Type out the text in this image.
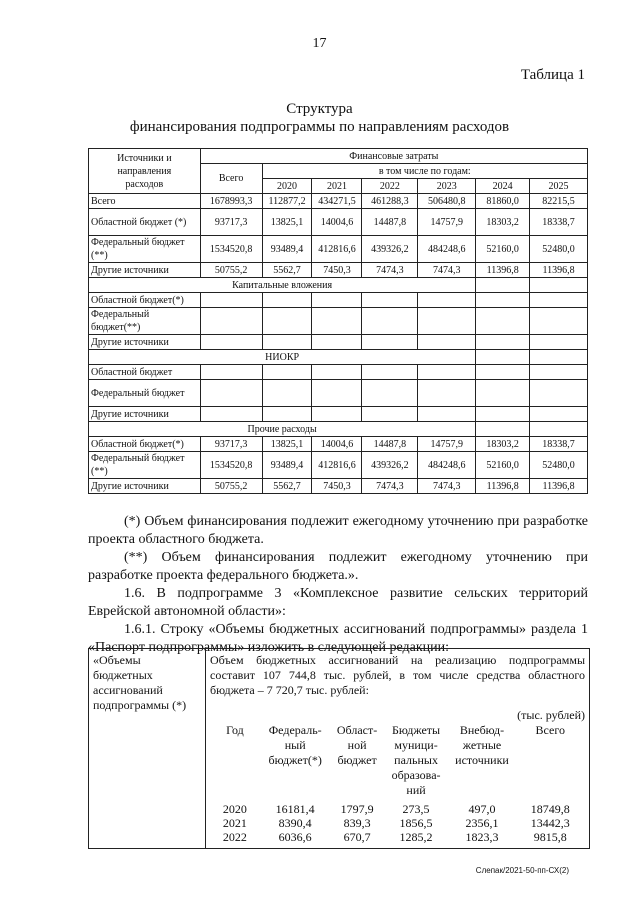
17
Таблица 1
Структура
финансирования подпрограммы по направлениям расходов
Источники и
направления
расходов	Финансовые затраты						
	Всего	в том числе по годам:					
		2020	2021	2022	2023	2024	2025
Всего	1678993,3	112877,2	434271,5	461288,3	506480,8	81860,0	82215,5
Областной бюджет (*)	93717,3	13825,1	14004,6	14487,8	14757,9	18303,2	18338,7
Федеральный бюджет (**)	1534520,8	93489,4	412816,6	439326,2	484248,6	52160,0	52480,0
Другие источники	50755,2	5562,7	7450,3	7474,3	7474,3	11396,8	11396,8
Капитальные вложения							
Областной бюджет(*)							
Федеральный бюджет(**)							
Другие источники							
НИОКР							
Областной бюджет							
Федеральный бюджет							
Другие источники							
Прочие расходы							
Областной бюджет(*)	93717,3	13825,1	14004,6	14487,8	14757,9	18303,2	18338,7
Федеральный бюджет (**)	1534520,8	93489,4	412816,6	439326,2	484248,6	52160,0	52480,0
Другие источники	50755,2	5562,7	7450,3	7474,3	7474,3	11396,8	11396,8
(*) Объем финансирования подлежит ежегодному уточнению при разработке проекта областного бюджета.
(**) Объем финансирования подлежит ежегодному уточнению при разработке проекта федерального бюджета.».
1.6. В подпрограмме 3 «Комплексное развитие сельских территорий Еврейской автономной области»:
1.6.1. Строку «Объемы бюджетных ассигнований подпрограммы» раздела 1 «Паспорт подпрограммы» изложить в следующей редакции:
«Объемы бюджетных ассигнований подпрограммы (*)	
Объем бюджетных ассигнований на реализацию подпрограммы составит 107 744,8 тыс. рублей, в том числе средства областного бюджета – 7 720,7 тыс. рублей:
(тыс. рублей)
Год	Федераль-ный бюджет(*)	Област-ной бюджет	Бюджеты муници-пальных образова-ний	Внебюд-жетные источники	Всего

2020	16181,4	1797,9	273,5	497,0	18749,8
2021	8390,4	839,3	1856,5	2356,1	13442,3
2022	6036,6	670,7	1285,2	1823,3	9815,8
Слепак/2021-50-пп-СХ(2)
